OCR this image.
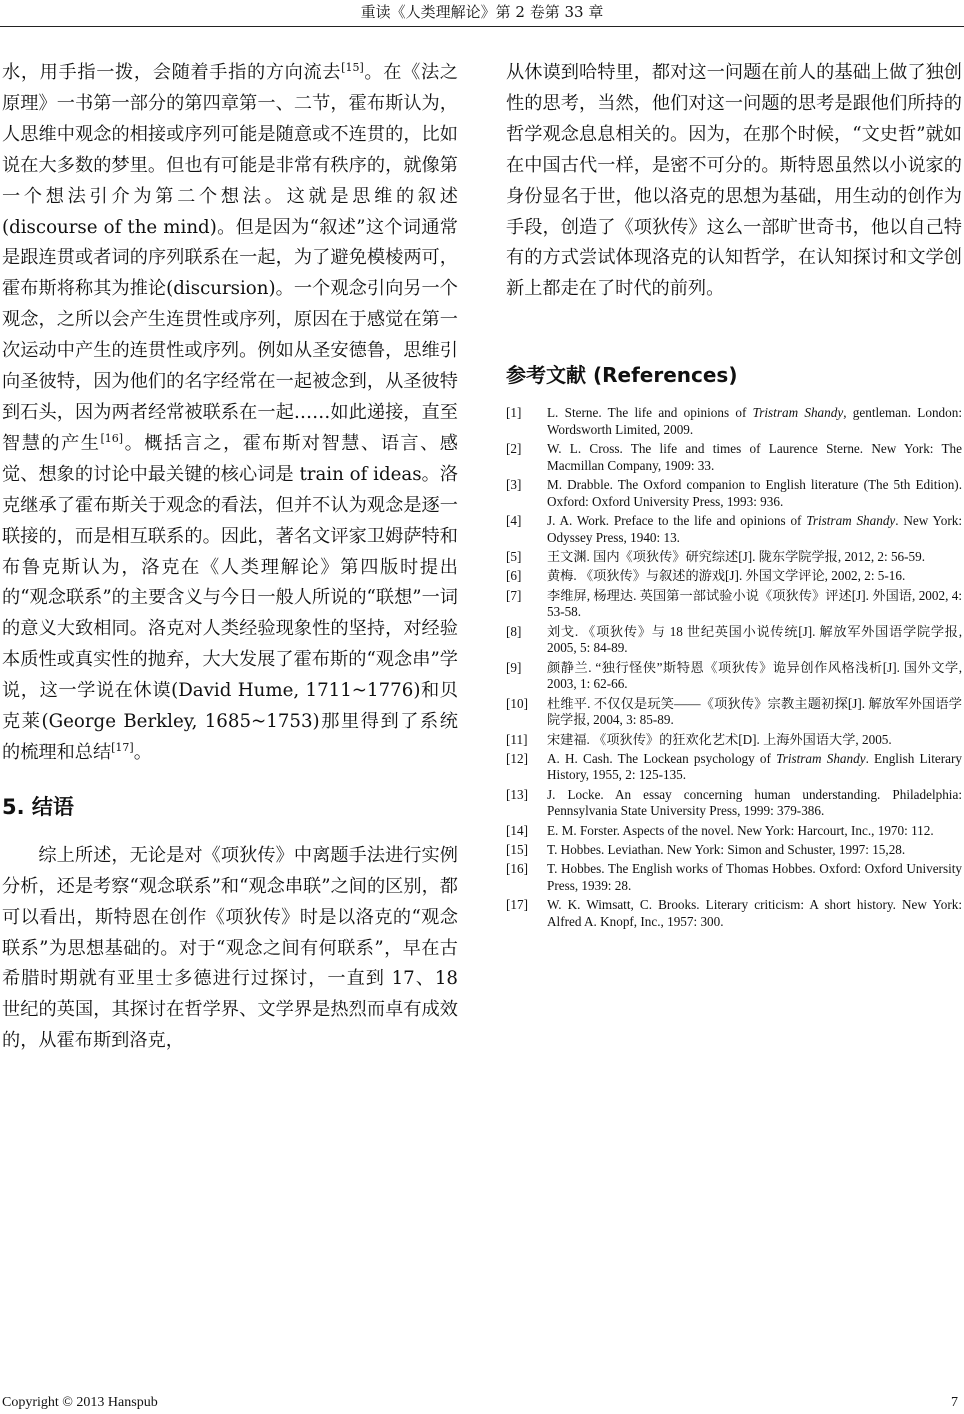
重读《人类理解论》第 2 卷第 33 章

水，用手指一拨，会随着手指的方向流去[15]。在《法之原理》一书第一部分的第四章第一、二节，霍布斯认为，人思维中观念的相接或序列可能是随意或不连贯的，比如说在大多数的梦里。但也有可能是非常有秩序的，就像第一个想法引介为第二个想法。这就是思维的叙述(discourse of the mind)。但是因为“叙述”这个词通常是跟连贯或者词的序列联系在一起，为了避免模棱两可，霍布斯将称其为推论(discursion)。一个观念引向另一个观念，之所以会产生连贯性或序列，原因在于感觉在第一次运动中产生的连贯性或序列。例如从圣安德鲁，思维引向圣彼特，因为他们的名字经常在一起被念到，从圣彼特到石头，因为两者经常被联系在一起……如此递接，直至智慧的产生[16]。概括言之，霍布斯对智慧、语言、感觉、想象的讨论中最关键的核心词是 train of ideas。洛克继承了霍布斯关于观念的看法，但并不认为观念是逐一联接的，而是相互联系的。因此，著名文评家卫姆萨特和布鲁克斯认为，洛克在《人类理解论》第四版时提出的“观念联系”的主要含义与今日一般人所说的“联想”一词的意义大致相同。洛克对人类经验现象性的坚持，对经验本质性或真实性的抛弃，大大发展了霍布斯的“观念串”学说，这一学说在休谟(David Hume, 1711~1776)和贝克莱(George Berkley, 1685~1753)那里得到了系统的梳理和总结[17]。

5. 结语

综上所述，无论是对《项狄传》中离题手法进行实例分析，还是考察“观念联系”和“观念串联”之间的区别，都可以看出，斯特恩在创作《项狄传》时是以洛克的“观念联系”为思想基础的。对于“观念之间有何联系”，早在古希腊时期就有亚里士多德进行过探讨，一直到 17、18 世纪的英国，其探讨在哲学界、文学界是热烈而卓有成效的，从霍布斯到洛克，

从休谟到哈特里，都对这一问题在前人的基础上做了独创性的思考，当然，他们对这一问题的思考是跟他们所持的哲学观念息息相关的。因为，在那个时候，“文史哲”就如在中国古代一样，是密不可分的。斯特恩虽然以小说家的身份显名于世，他以洛克的思想为基础，用生动的创作为手段，创造了《项狄传》这么一部旷世奇书，他以自己特有的方式尝试体现洛克的认知哲学，在认知探讨和文学创新上都走在了时代的前列。

参考文献 (References)
[1]	L. Sterne. The life and opinions of Tristram Shandy, gentleman. London: Wordsworth Limited, 2009.
[2]	W. L. Cross. The life and times of Laurence Sterne. New York: The Macmillan Company, 1909: 33.
[3]	M. Drabble. The Oxford companion to English literature (The 5th Edition). Oxford: Oxford University Press, 1993: 936.
[4]	J. A. Work. Preface to the life and opinions of Tristram Shandy. New York: Odyssey Press, 1940: 13.
[5]	王文渊. 国内《项狄传》研究综述[J]. 陇东学院学报, 2012, 2: 56-59.
[6]	黄梅. 《项狄传》与叙述的游戏[J]. 外国文学评论, 2002, 2: 5-16.
[7]	李维屏, 杨理达. 英国第一部试验小说《项狄传》评述[J]. 外国语, 2002, 4: 53-58.
[8]	刘戈. 《项狄传》与 18 世纪英国小说传统[J]. 解放军外国语学院学报, 2005, 5: 84-89.
[9]	颜静兰. “独行怪侠”斯特恩《项狄传》诡异创作风格浅析[J]. 国外文学, 2003, 1: 62-66.
[10]	杜维平. 不仅仅是玩笑——《项狄传》宗教主题初探[J]. 解放军外国语学院学报, 2004, 3: 85-89.
[11]	宋建福. 《项狄传》的狂欢化艺术[D]. 上海外国语大学, 2005.
[12]	A. H. Cash. The Lockean psychology of Tristram Shandy. English Literary History, 1955, 2: 125-135.
[13]	J. Locke. An essay concerning human understanding. Philadelphia: Pennsylvania State University Press, 1999: 379-386.
[14]	E. M. Forster. Aspects of the novel. New York: Harcourt, Inc., 1970: 112.
[15]	T. Hobbes. Leviathan. New York: Simon and Schuster, 1997: 15,28.
[16]	T. Hobbes. The English works of Thomas Hobbes. Oxford: Oxford University Press, 1939: 28.
[17]	W. K. Wimsatt, C. Brooks. Literary criticism: A short history. New York: Alfred A. Knopf, Inc., 1957: 300.
Copyright © 2013 Hanspub	7
